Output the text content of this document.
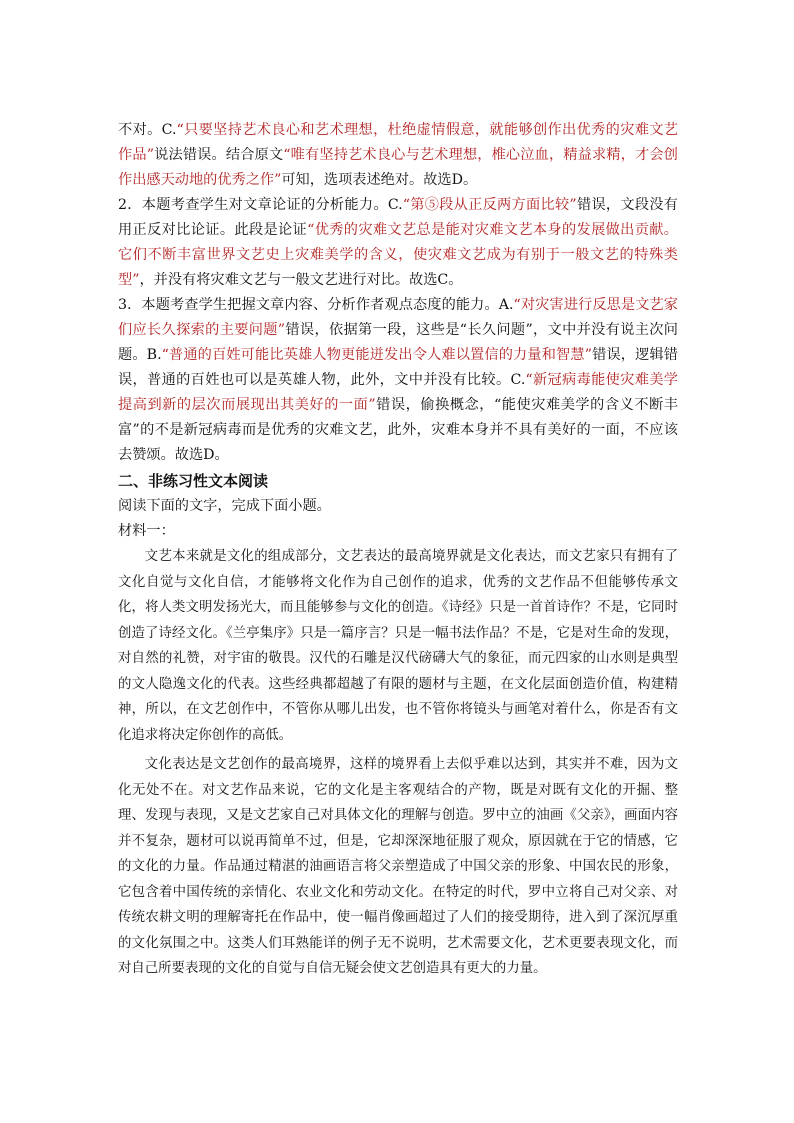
不对。C.“只要坚持艺术良心和艺术理想，杜绝虚情假意，就能够创作出优秀的灾难文艺作品”说法错误。结合原文“唯有坚持艺术良心与艺术理想，椎心泣血，精益求精，才会创作出感天动地的优秀之作”可知，选项表述绝对。故选D。

2．本题考查学生对文章论证的分析能力。C.“第⑤段从正反两方面比较”错误，文段没有用正反对比论证。此段是论证“优秀的灾难文艺总是能对灾难文艺本身的发展做出贡献。它们不断丰富世界文艺史上灾难美学的含义，使灾难文艺成为有别于一般文艺的特殊类型”，并没有将灾难文艺与一般文艺进行对比。故选C。

3．本题考查学生把握文章内容、分析作者观点态度的能力。A.“对灾害进行反思是文艺家们应长久探索的主要问题”错误，依据第一段，这些是“长久问题”，文中并没有说主次问题。B.“普通的百姓可能比英雄人物更能迸发出令人难以置信的力量和智慧”错误，逻辑错误，普通的百姓也可以是英雄人物，此外，文中并没有比较。C.“新冠病毒能使灾难美学提高到新的层次而展现出其美好的一面”错误，偷换概念，“能使灾难美学的含义不断丰富”的不是新冠病毒而是优秀的灾难文艺，此外，灾难本身并不具有美好的一面，不应该去赞颂。故选D。

二、非练习性文本阅读

阅读下面的文字，完成下面小题。

材料一：

文艺本来就是文化的组成部分，文艺表达的最高境界就是文化表达，而文艺家只有拥有了文化自觉与文化自信，才能够将文化作为自己创作的追求，优秀的文艺作品不但能够传承文化，将人类文明发扬光大，而且能够参与文化的创造。《诗经》只是一首首诗作？不是，它同时创造了诗经文化。《兰亭集序》只是一篇序言？只是一幅书法作品？不是，它是对生命的发现，对自然的礼赞，对宇宙的敬畏。汉代的石雕是汉代磅礴大气的象征，而元四家的山水则是典型的文人隐逸文化的代表。这些经典都超越了有限的题材与主题，在文化层面创造价值，构建精神，所以，在文艺创作中，不管你从哪儿出发，也不管你将镜头与画笔对着什么，你是否有文化追求将决定你创作的高低。

文化表达是文艺创作的最高境界，这样的境界看上去似乎难以达到，其实并不难，因为文化无处不在。对文艺作品来说，它的文化是主客观结合的产物，既是对既有文化的开掘、整理、发现与表现，又是文艺家自己对具体文化的理解与创造。罗中立的油画《父亲》，画面内容并不复杂，题材可以说再简单不过，但是，它却深深地征服了观众，原因就在于它的情感，它的文化的力量。作品通过精湛的油画语言将父亲塑造成了中国父亲的形象、中国农民的形象，它包含着中国传统的亲情化、农业文化和劳动文化。在特定的时代，罗中立将自己对父亲、对传统农耕文明的理解寄托在作品中，使一幅肖像画超过了人们的接受期待，进入到了深沉厚重的文化氛围之中。这类人们耳熟能详的例子无不说明，艺术需要文化，艺术更要表现文化，而对自己所要表现的文化的自觉与自信无疑会使文艺创造具有更大的力量。
